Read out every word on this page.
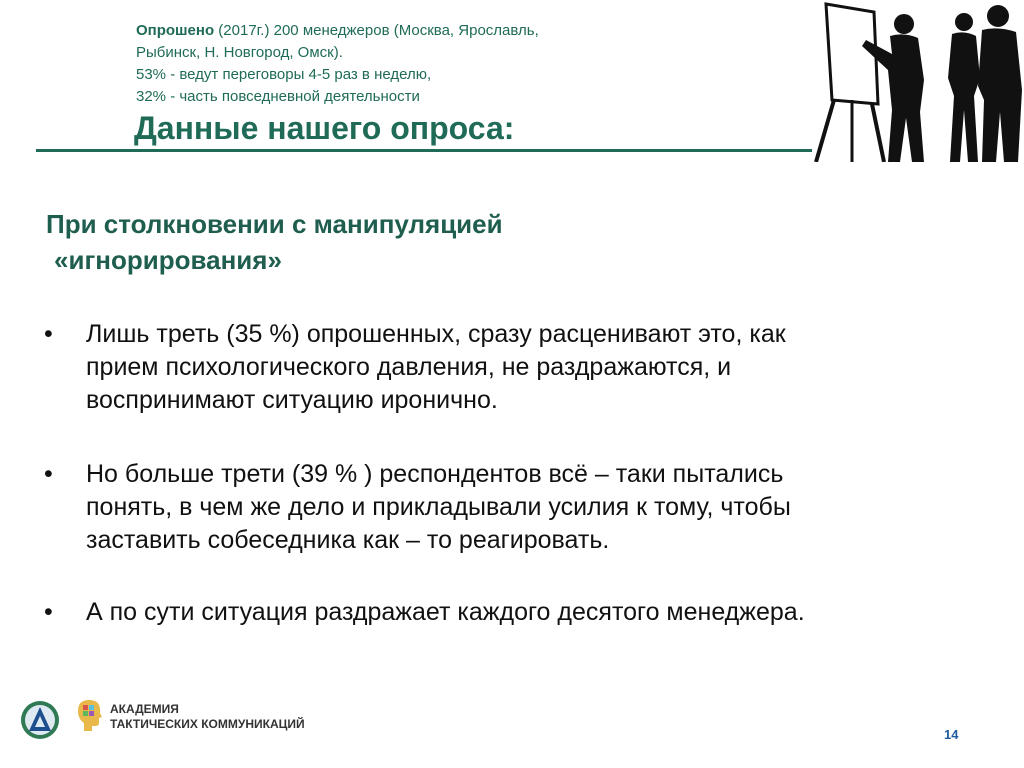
Опрошено (2017г.) 200 менеджеров (Москва, Ярославль,
Рыбинск, Н. Новгород, Омск).
53% - ведут переговоры 4-5 раз в неделю,
32% - часть повседневной деятельности
Данные нашего опроса:
При столкновении с манипуляцией
«игнорирования»
• Лишь треть (35 %) опрошенных, сразу расценивают это, как
прием психологического давления, не раздражаются, и
воспринимают ситуацию иронично.
• Но больше трети (39 % ) респондентов всё – таки пытались
понять, в чем же дело и прикладывали усилия к тому, чтобы
заставить собеседника как – то реагировать.
• А по сути ситуация раздражает каждого десятого менеджера.
АКАДЕМИЯ
ТАКТИЧЕСКИХ КОММУНИКАЦИЙ
14
